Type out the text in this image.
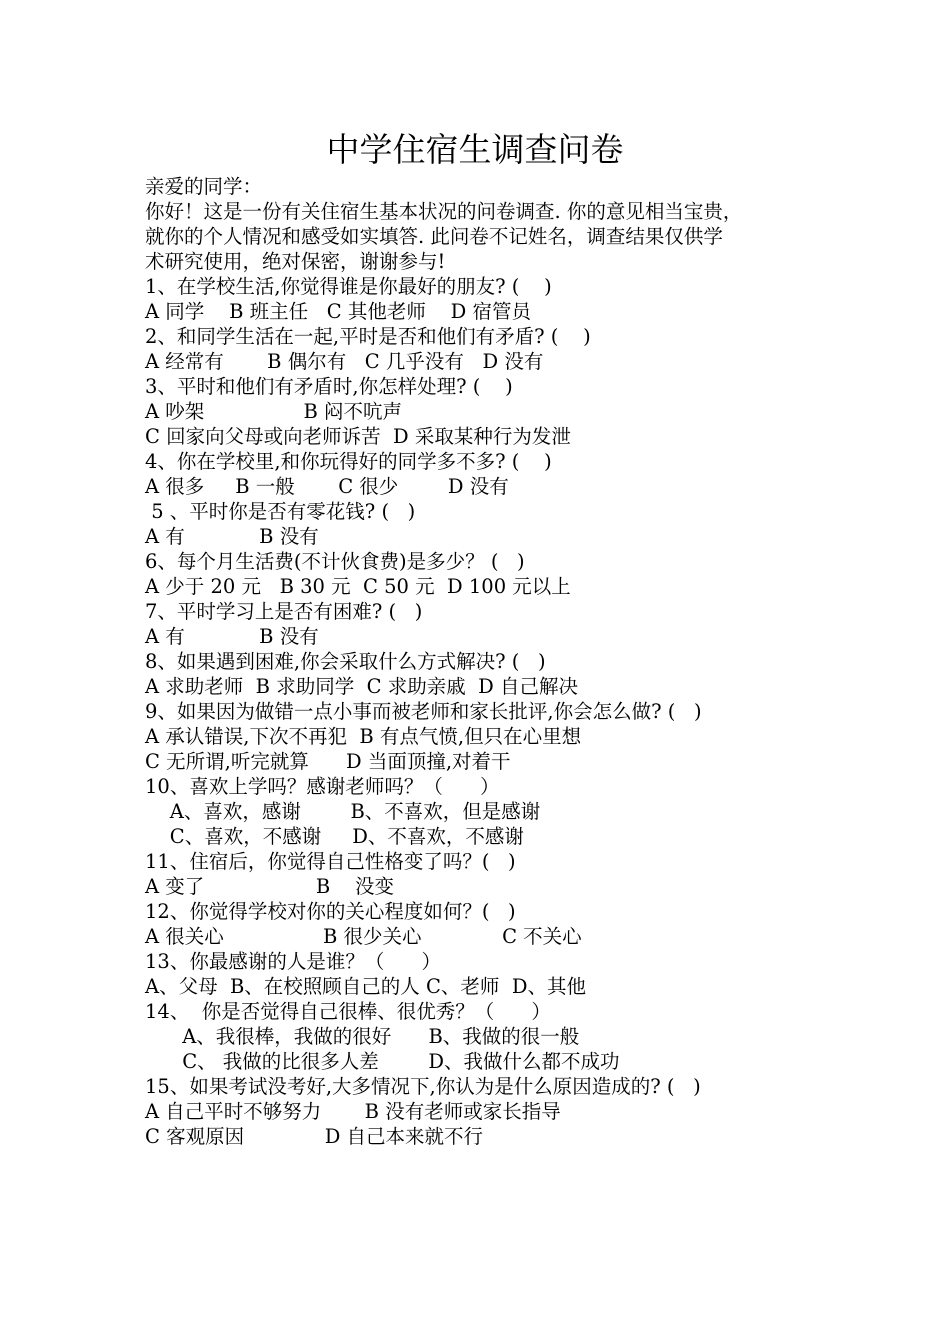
中学住宿生调查问卷
亲爱的同学：
你好！这是一份有关住宿生基本状况的问卷调查. 你的意见相当宝贵，
就你的个人情况和感受如实填答. 此问卷不记姓名，调查结果仅供学
术研究使用，绝对保密，谢谢参与!
1、在学校生活,你觉得谁是你最好的朋友? (    )
A 同学    B 班主任   C 其他老师    D 宿管员
2、和同学生活在一起,平时是否和他们有矛盾? (    )
A 经常有       B 偶尔有   C 几乎没有   D 没有
3、平时和他们有矛盾时,你怎样处理? (    )
A 吵架                B 闷不吭声
C 回家向父母或向老师诉苦  D 采取某种行为发泄
4、你在学校里,和你玩得好的同学多不多? (    )
A 很多     B 一般       C 很少        D 没有
5 、平时你是否有零花钱? (   )
A 有            B 没有
6、每个月生活费(不计伙食费)是多少？ (   )
A 少于 20 元   B 30 元  C 50 元  D 100 元以上
7、平时学习上是否有困难? (   )
A 有            B 没有
8、如果遇到困难,你会采取什么方式解决? (   )
A 求助老师  B 求助同学  C 求助亲戚  D 自己解决
9、如果因为做错一点小事而被老师和家长批评,你会怎么做? (   )
A 承认错误,下次不再犯  B 有点气愤,但只在心里想
C 无所谓,听完就算      D 当面顶撞,对着干
10、喜欢上学吗？感谢老师吗？（      ）
A、喜欢，感谢        B、不喜欢，但是感谢
C、喜欢，不感谢     D、不喜欢，不感谢
11、住宿后，你觉得自己性格变了吗？(   )
A 变了                  B    没变
12、你觉得学校对你的关心程度如何？(   )
A 很关心                B 很少关心             C 不关心
13、你最感谢的人是谁？（      ）
A、父母  B、在校照顾自己的人 C、老师  D、其他
14、  你是否觉得自己很棒、很优秀？（      ）
A、我很棒，我做的很好      B、我做的很一般
C、 我做的比很多人差        D、我做什么都不成功
15、如果考试没考好,大多情况下,你认为是什么原因造成的? (   )
A 自己平时不够努力       B 没有老师或家长指导
C 客观原因             D 自己本来就不行
